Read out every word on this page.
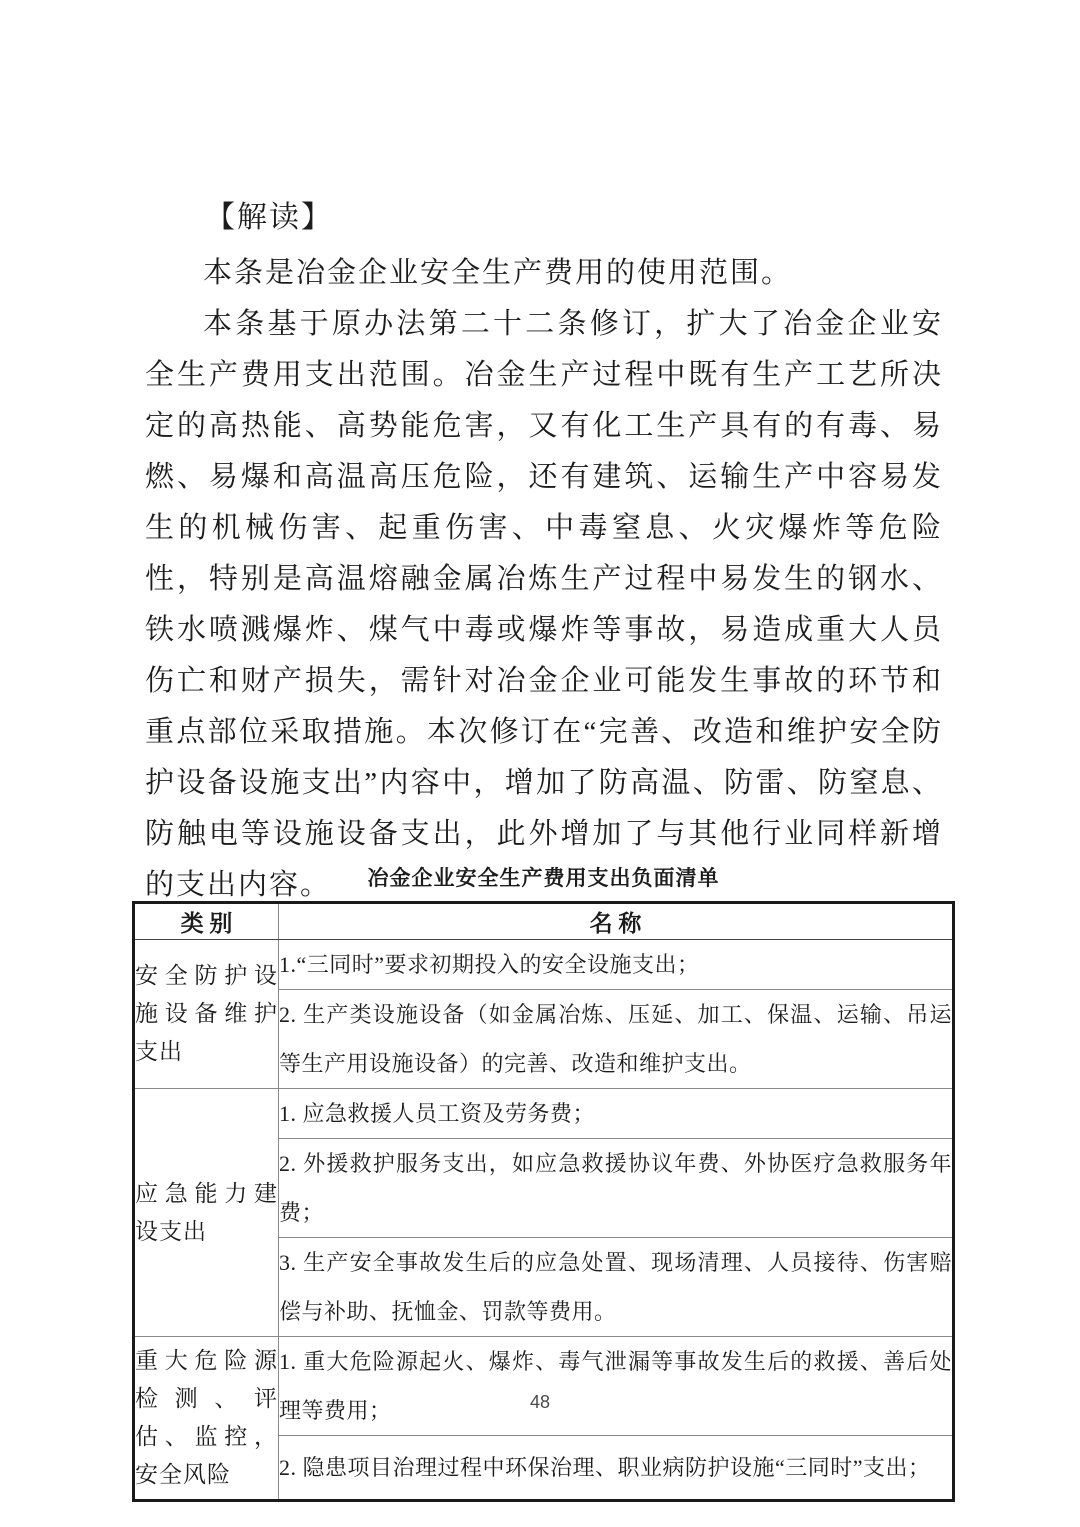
【解读】

本条是冶金企业安全生产费用的使用范围。

本条基于原办法第二十二条修订，扩大了冶金企业安全生产费用支出范围。冶金生产过程中既有生产工艺所决定的高热能、高势能危害，又有化工生产具有的有毒、易燃、易爆和高温高压危险，还有建筑、运输生产中容易发生的机械伤害、起重伤害、中毒窒息、火灾爆炸等危险性，特别是高温熔融金属冶炼生产过程中易发生的钢水、铁水喷溅爆炸、煤气中毒或爆炸等事故，易造成重大人员伤亡和财产损失，需针对冶金企业可能发生事故的环节和重点部位采取措施。本次修订在“完善、改造和维护安全防护设备设施支出”内容中，增加了防高温、防雷、防窒息、防触电等设施设备支出，此外增加了与其他行业同样新增的支出内容。	冶金企业安全生产费用支出负面清单

类 别	名 称
安全防护设施设备维护支出	1.“三同时”要求初期投入的安全设施支出；
	2. 生产类设施设备（如金属冶炼、压延、加工、保温、运输、吊运等生产用设施设备）的完善、改造和维护支出。
应急能力建设支出	1. 应急救援人员工资及劳务费；
	2. 外援救护服务支出，如应急救援协议年费、外协医疗急救服务年费；
	3. 生产安全事故发生后的应急处置、现场清理、人员接待、伤害赔偿与补助、抚恤金、罚款等费用。
重大危险源检测、评估、监控，安全风险	1. 重大危险源起火、爆炸、毒气泄漏等事故发生后的救援、善后处理等费用；
	2. 隐患项目治理过程中环保治理、职业病防护设施“三同时”支出；
48
